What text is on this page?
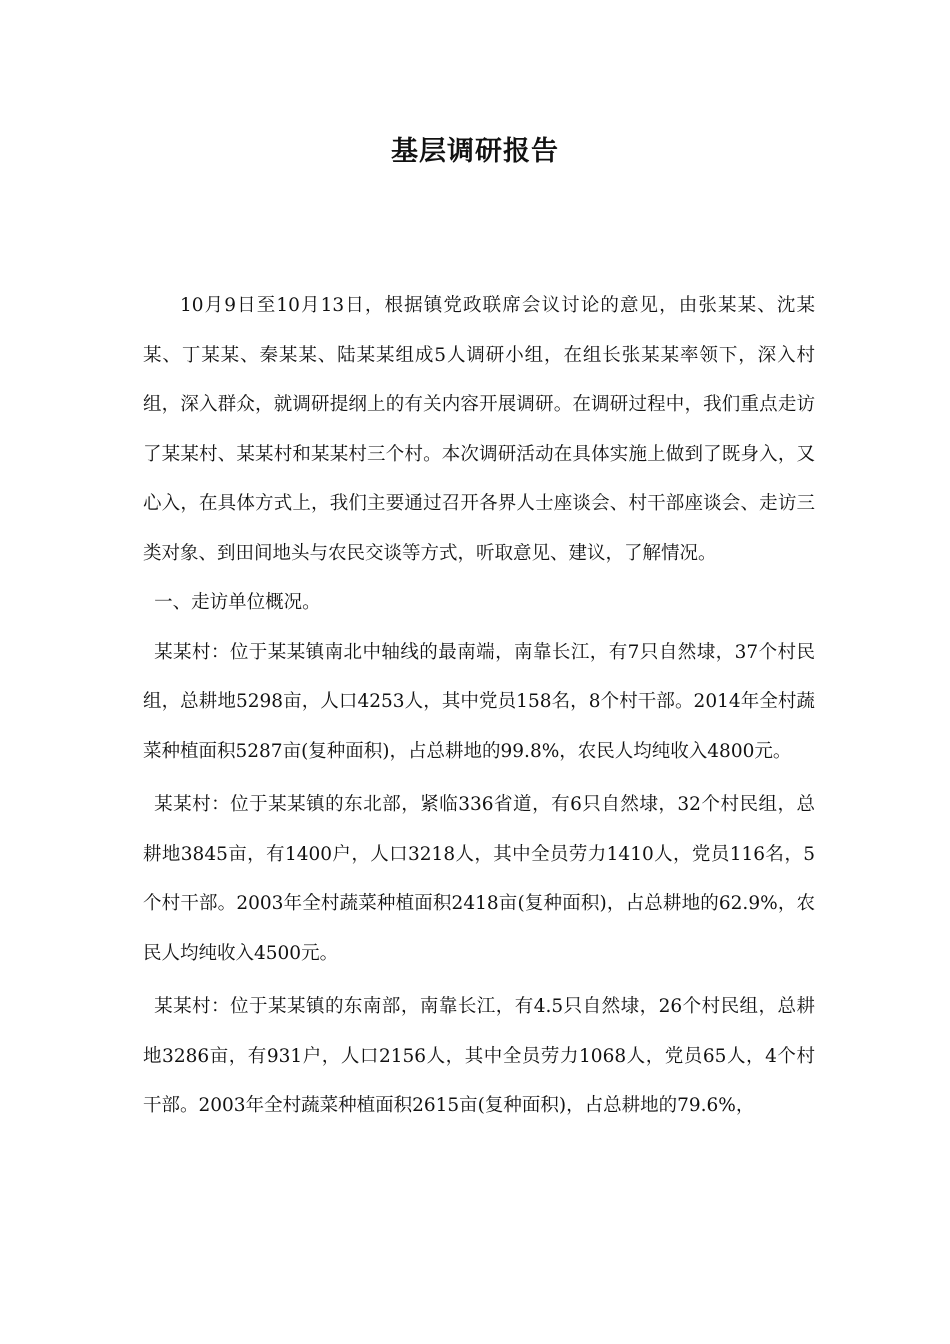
基层调研报告

10月9日至10月13日，根据镇党政联席会议讨论的意见，由张某某、沈某某、丁某某、秦某某、陆某某组成5人调研小组，在组长张某某率领下，深入村组，深入群众，就调研提纲上的有关内容开展调研。在调研过程中，我们重点走访了某某村、某某村和某某村三个村。本次调研活动在具体实施上做到了既身入，又心入，在具体方式上，我们主要通过召开各界人士座谈会、村干部座谈会、走访三类对象、到田间地头与农民交谈等方式，听取意见、建议，了解情况。

一、走访单位概况。

某某村：位于某某镇南北中轴线的最南端，南靠长江，有7只自然埭，37个村民组，总耕地5298亩，人口4253人，其中党员158名，8个村干部。2014年全村蔬菜种植面积5287亩(复种面积)，占总耕地的99.8%，农民人均纯收入4800元。

某某村：位于某某镇的东北部，紧临336省道，有6只自然埭，32个村民组，总耕地3845亩，有1400户，人口3218人，其中全员劳力1410人，党员116名，5个村干部。2003年全村蔬菜种植面积2418亩(复种面积)，占总耕地的62.9%，农民人均纯收入4500元。

某某村：位于某某镇的东南部，南靠长江，有4.5只自然埭，26个村民组，总耕地3286亩，有931户，人口2156人，其中全员劳力1068人，党员65人，4个村干部。2003年全村蔬菜种植面积2615亩(复种面积)，占总耕地的79.6%，
